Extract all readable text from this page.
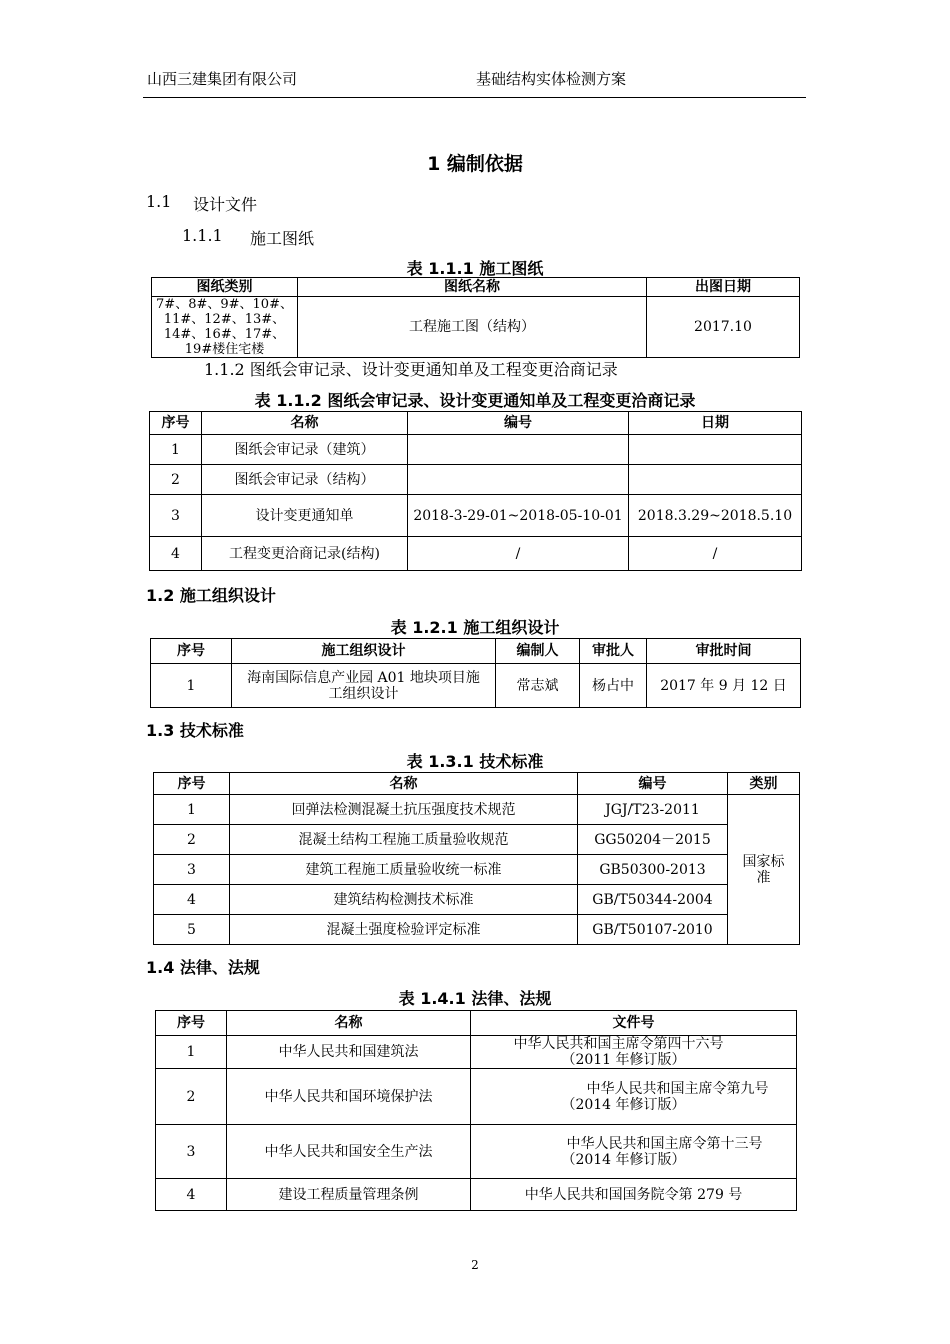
山西三建集团有限公司	基础结构实体检测方案
1 编制依据
1.1 设计文件
1.1.1 施工图纸
表 1.1.1 施工图纸
图纸类别	图纸名称	出图日期
7#、8#、9#、10#、11#、12#、13#、14#、16#、17#、19#楼住宅楼	工程施工图（结构）	2017.10
1.1.2 图纸会审记录、设计变更通知单及工程变更洽商记录
表 1.1.2 图纸会审记录、设计变更通知单及工程变更洽商记录
序号	名称	编号	日期
1	图纸会审记录（建筑）		
2	图纸会审记录（结构）		
3	设计变更通知单	2018-3-29-01~2018-05-10-01	2018.3.29~2018.5.10
4	工程变更洽商记录(结构)	/	/
1.2 施工组织设计
表 1.2.1 施工组织设计
序号	施工组织设计	编制人	审批人	审批时间
1	海南国际信息产业园 A01 地块项目施工组织设计	常志斌	杨占中	2017 年 9 月 12 日
1.3 技术标准
表 1.3.1 技术标准
序号	名称	编号	类别
1	回弹法检测混凝土抗压强度技术规范	JGJ/T23-2011	国家标准
2	混凝土结构工程施工质量验收规范	GG50204－2015	
3	建筑工程施工质量验收统一标准	GB50300-2013	
4	建筑结构检测技术标准	GB/T50344-2004	
5	混凝土强度检验评定标准	GB/T50107-2010	
1.4 法律、法规
表 1.4.1 法律、法规
序号	名称	文件号
1	中华人民共和国建筑法	中华人民共和国主席令第四十六号
（2011 年修订版）

2	中华人民共和国环境保护法	中华人民共和国主席令第九号
（2014 年修订版）

3	中华人民共和国安全生产法	中华人民共和国主席令第十三号
（2014 年修订版）

4	建设工程质量管理条例	中华人民共和国国务院令第 279 号
2
